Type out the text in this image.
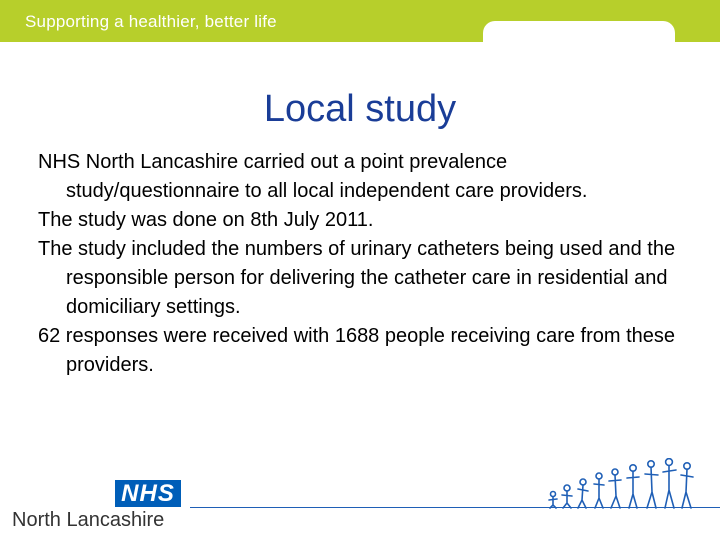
Supporting a healthier, better life
Local study
NHS North Lancashire carried out a point prevalence study/questionnaire to all local independent care providers.
The study was done on 8th July 2011.
The study included the numbers of urinary catheters being used and the responsible person for delivering the catheter care in residential and domiciliary settings.
62 responses were received with 1688 people receiving care from these providers.
NHS
North Lancashire
